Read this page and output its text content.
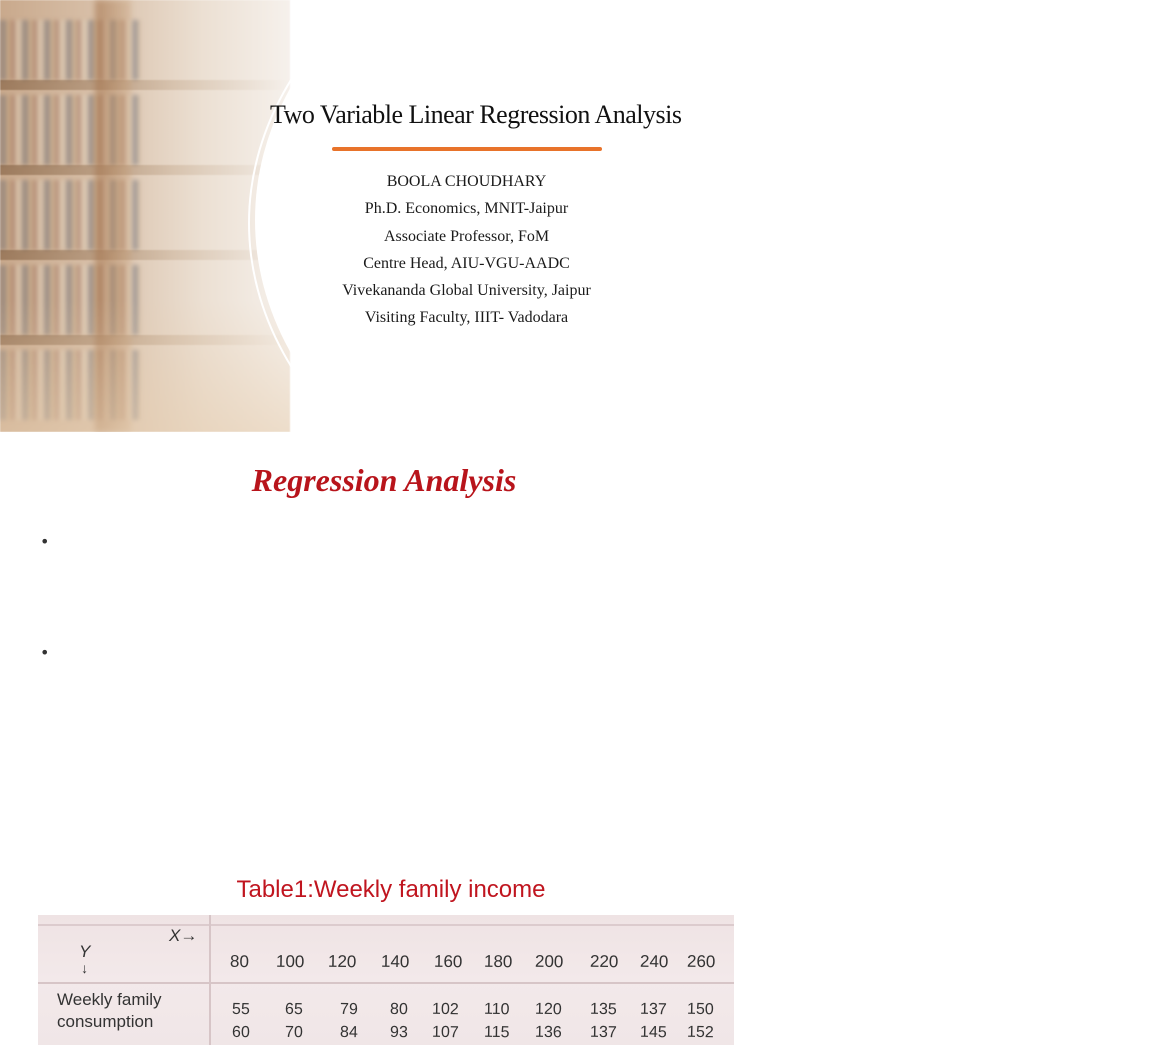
Two Variable Linear Regression Analysis
BOOLA CHOUDHARY
Ph.D. Economics, MNIT-Jaipur
Associate Professor, FoM
Centre Head, AIU-VGU-AADC
Vivekananda Global University, Jaipur
Visiting Faculty, IIIT- Vadodara
Regression Analysis
•
•
Table1:Weekly family income
X→
Y
↓	80 100 120 140 160 180 200 220 240 260
Weekly family
consumption
55 65 79 80 102 110 120 135 137 150
60 70 84 93 107 115 136 137 145 152
